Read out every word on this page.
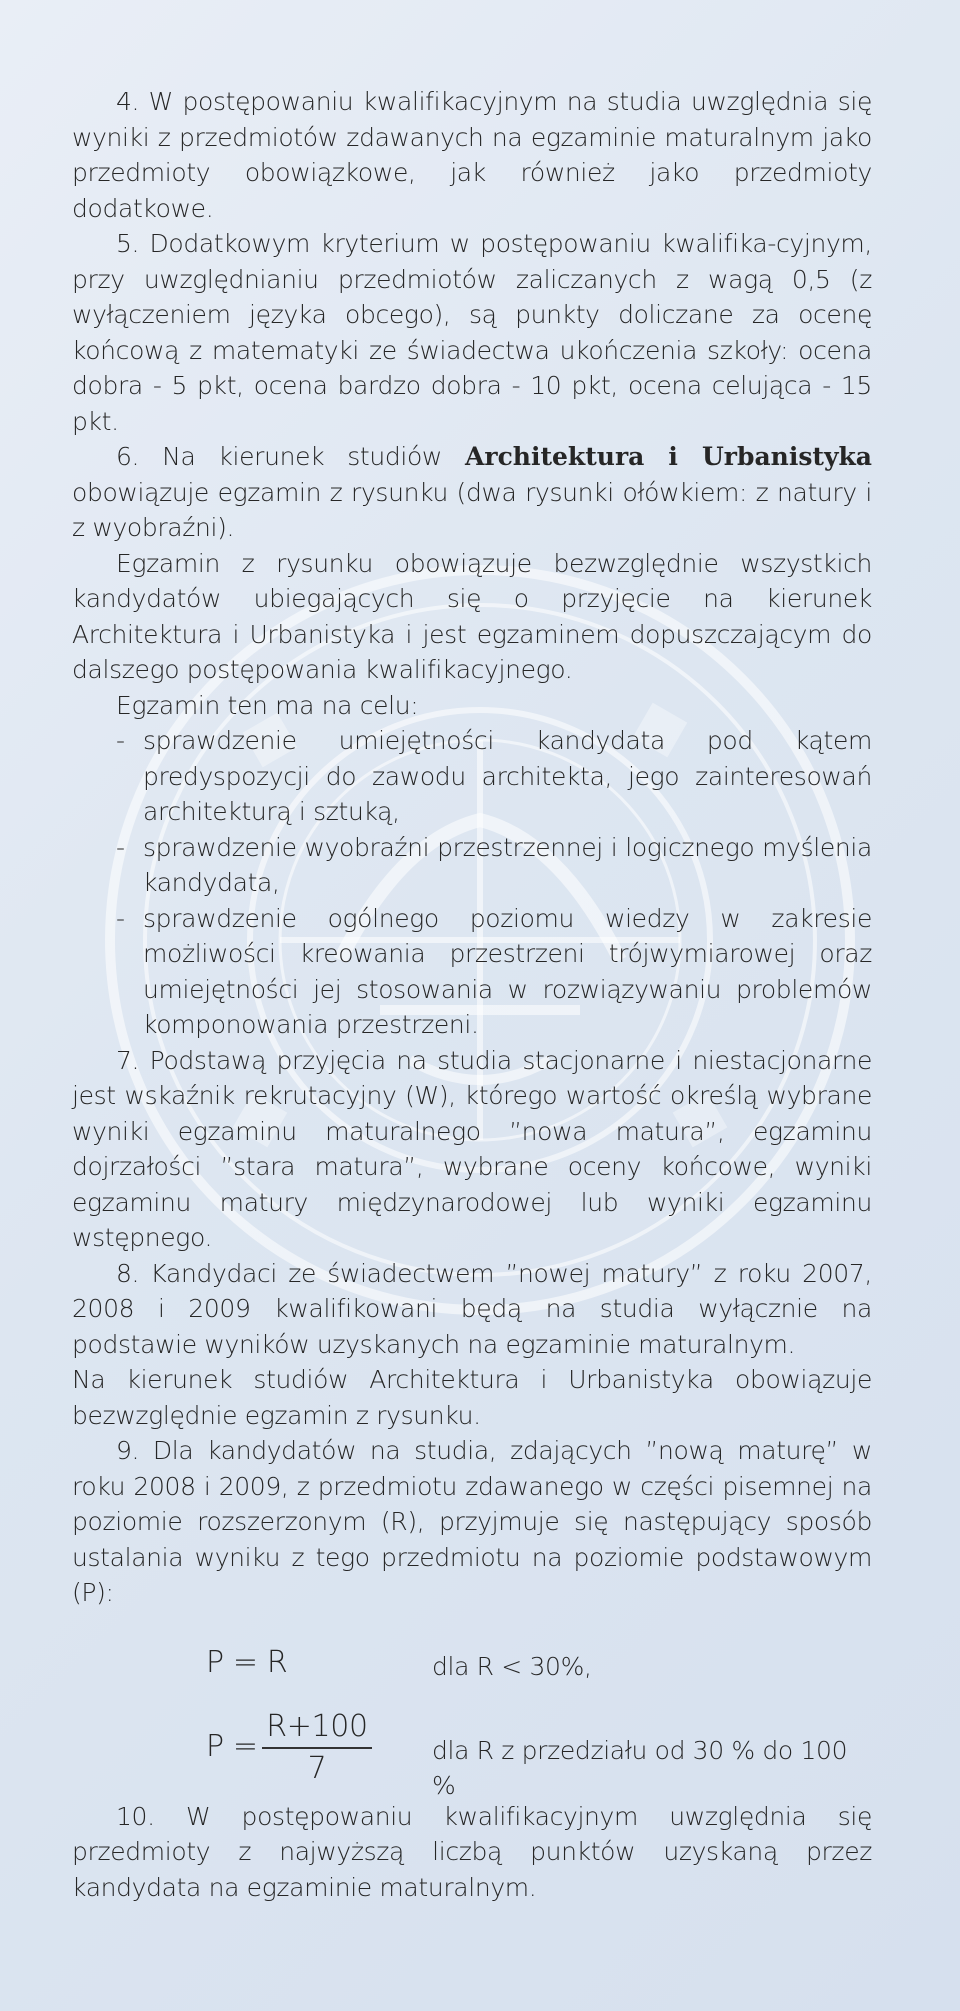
4. W postępowaniu kwalifikacyjnym na studia uwzględnia się wyniki z przedmiotów zdawanych na egzaminie maturalnym jako przedmioty obowiązkowe, jak również jako przedmioty dodatkowe.

5. Dodatkowym kryterium w postępowaniu kwalifika-cyjnym, przy uwzględnianiu przedmiotów zaliczanych z wagą 0,5 (z wyłączeniem języka obcego), są punkty doliczane za ocenę końcową z matematyki ze świadectwa ukończenia szkoły: ocena dobra - 5 pkt, ocena bardzo dobra - 10 pkt, ocena celująca - 15 pkt.

6. Na kierunek studiów Architektura i Urbanistyka obowiązuje egzamin z rysunku (dwa rysunki ołówkiem: z natury i z wyobraźni).

Egzamin z rysunku obowiązuje bezwzględnie wszystkich kandydatów ubiegających się o przyjęcie na kierunek Architektura i Urbanistyka i jest egzaminem dopuszczającym do dalszego postępowania kwalifikacyjnego.

Egzamin ten ma na celu:

- sprawdzenie umiejętności kandydata pod kątem predyspozycji do zawodu architekta, jego zainteresowań architekturą i sztuką,

- sprawdzenie wyobraźni przestrzennej i logicznego myślenia kandydata,

- sprawdzenie ogólnego poziomu wiedzy w zakresie możliwości kreowania przestrzeni trójwymiarowej oraz umiejętności jej stosowania w rozwiązywaniu problemów komponowania przestrzeni.

7. Podstawą przyjęcia na studia stacjonarne i niestacjonarne jest wskaźnik rekrutacyjny (W), którego wartość określą wybrane wyniki egzaminu maturalnego ”nowa matura”, egzaminu dojrzałości ”stara matura”, wybrane oceny końcowe, wyniki egzaminu matury międzynarodowej lub wyniki egzaminu wstępnego.

8. Kandydaci ze świadectwem ”nowej matury” z roku 2007, 2008 i 2009 kwalifikowani będą na studia wyłącznie na podstawie wyników uzyskanych na egzaminie maturalnym.

Na kierunek studiów Architektura i Urbanistyka obowiązuje bezwzględnie egzamin z rysunku.

9. Dla kandydatów na studia, zdających ”nową maturę” w roku 2008 i 2009, z przedmiotu zdawanego w części pisemnej na poziomie rozszerzonym (R), przyjmuje się następujący sposób ustalania wyniku z tego przedmiotu na poziomie podstawowym (P):

P = R	dla R < 30%,
$P = \frac{R+100}{7}$ dla R z przedziału od 30 % do 100 %

10. W postępowaniu kwalifikacyjnym uwzględnia się przedmioty z najwyższą liczbą punktów uzyskaną przez kandydata na egzaminie maturalnym.
